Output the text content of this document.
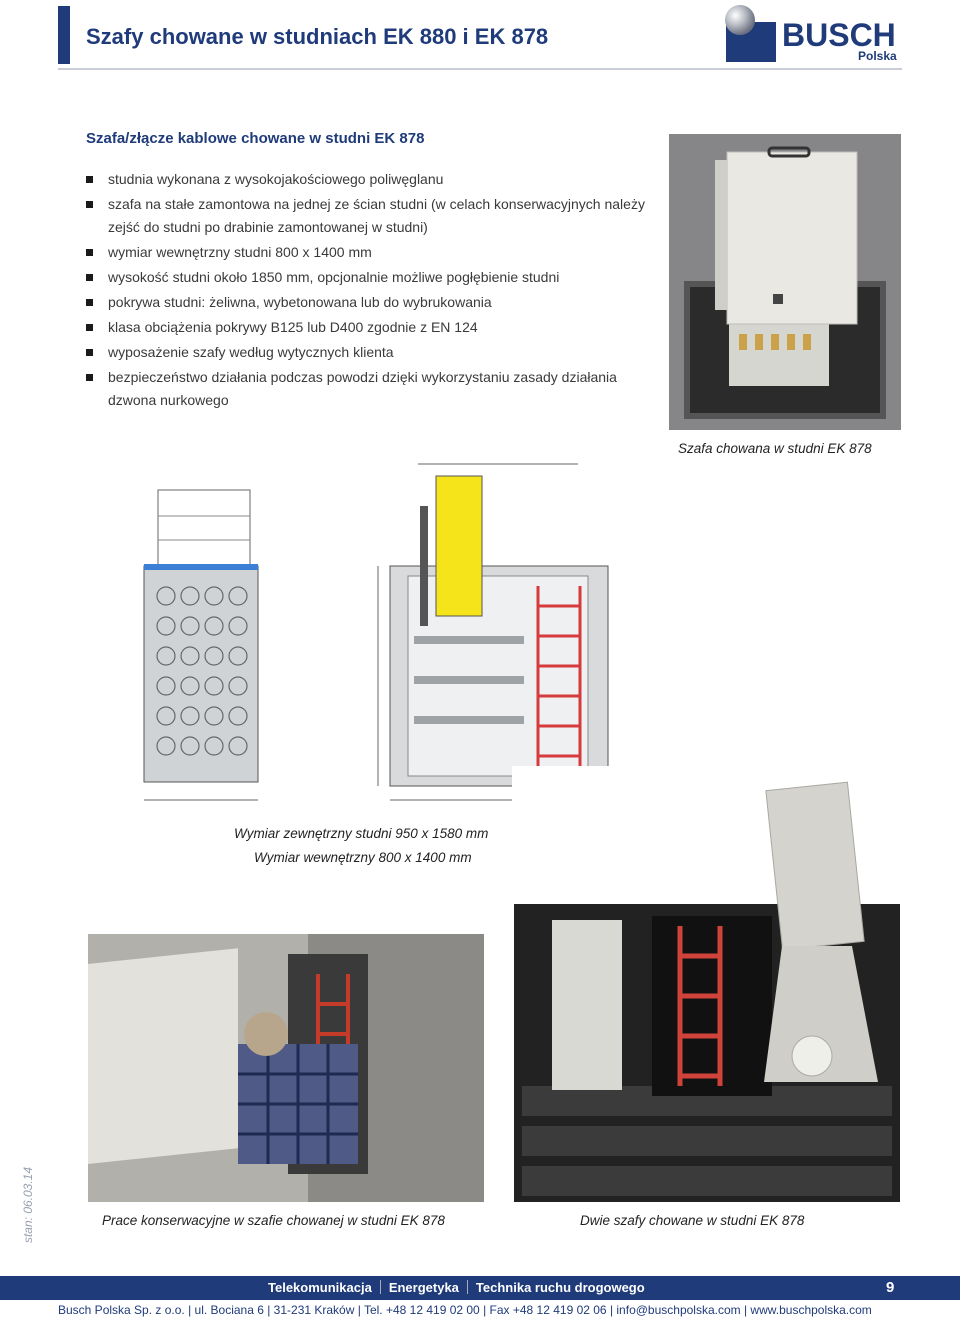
Szafy chowane w studniach EK 880 i EK 878	BUSCH
Polska
Szafa/złącze kablowe chowane w studni EK 878
studnia wykonana z wysokojakościowego poliwęglanu
szafa na stałe zamontowa na jednej ze ścian studni (w celach konserwacyjnych należy zejść do studni po drabinie zamontowanej w studni)
wymiar wewnętrzny studni 800 x 1400 mm
wysokość studni około 1850 mm, opcjonalnie możliwe pogłębienie studni
pokrywa studni: żeliwna, wybetonowana lub do wybrukowania
klasa obciążenia pokrywy B125 lub D400 zgodnie z EN 124
wyposażenie szafy według wytycznych klienta
bezpieczeństwo działania podczas powodzi dzięki wykorzystaniu zasady działania dzwona nurkowego
Szafa chowana w studni EK 878
Wymiar zewnętrzny studni 950 x 1580 mm
Wymiar wewnętrzny 800 x 1400 mm
Prace konserwacyjne w szafie chowanej w studni EK 878	Dwie szafy chowane w studni EK 878
stan: 06.03.14
Telekomunikacja Energetyka Technika ruchu drogowego	9
Busch Polska Sp. z o.o. | ul. Bociana 6 | 31-231 Kraków | Tel. +48 12 419 02 00 | Fax +48 12 419 02 06 | info@buschpolska.com | www.buschpolska.com
